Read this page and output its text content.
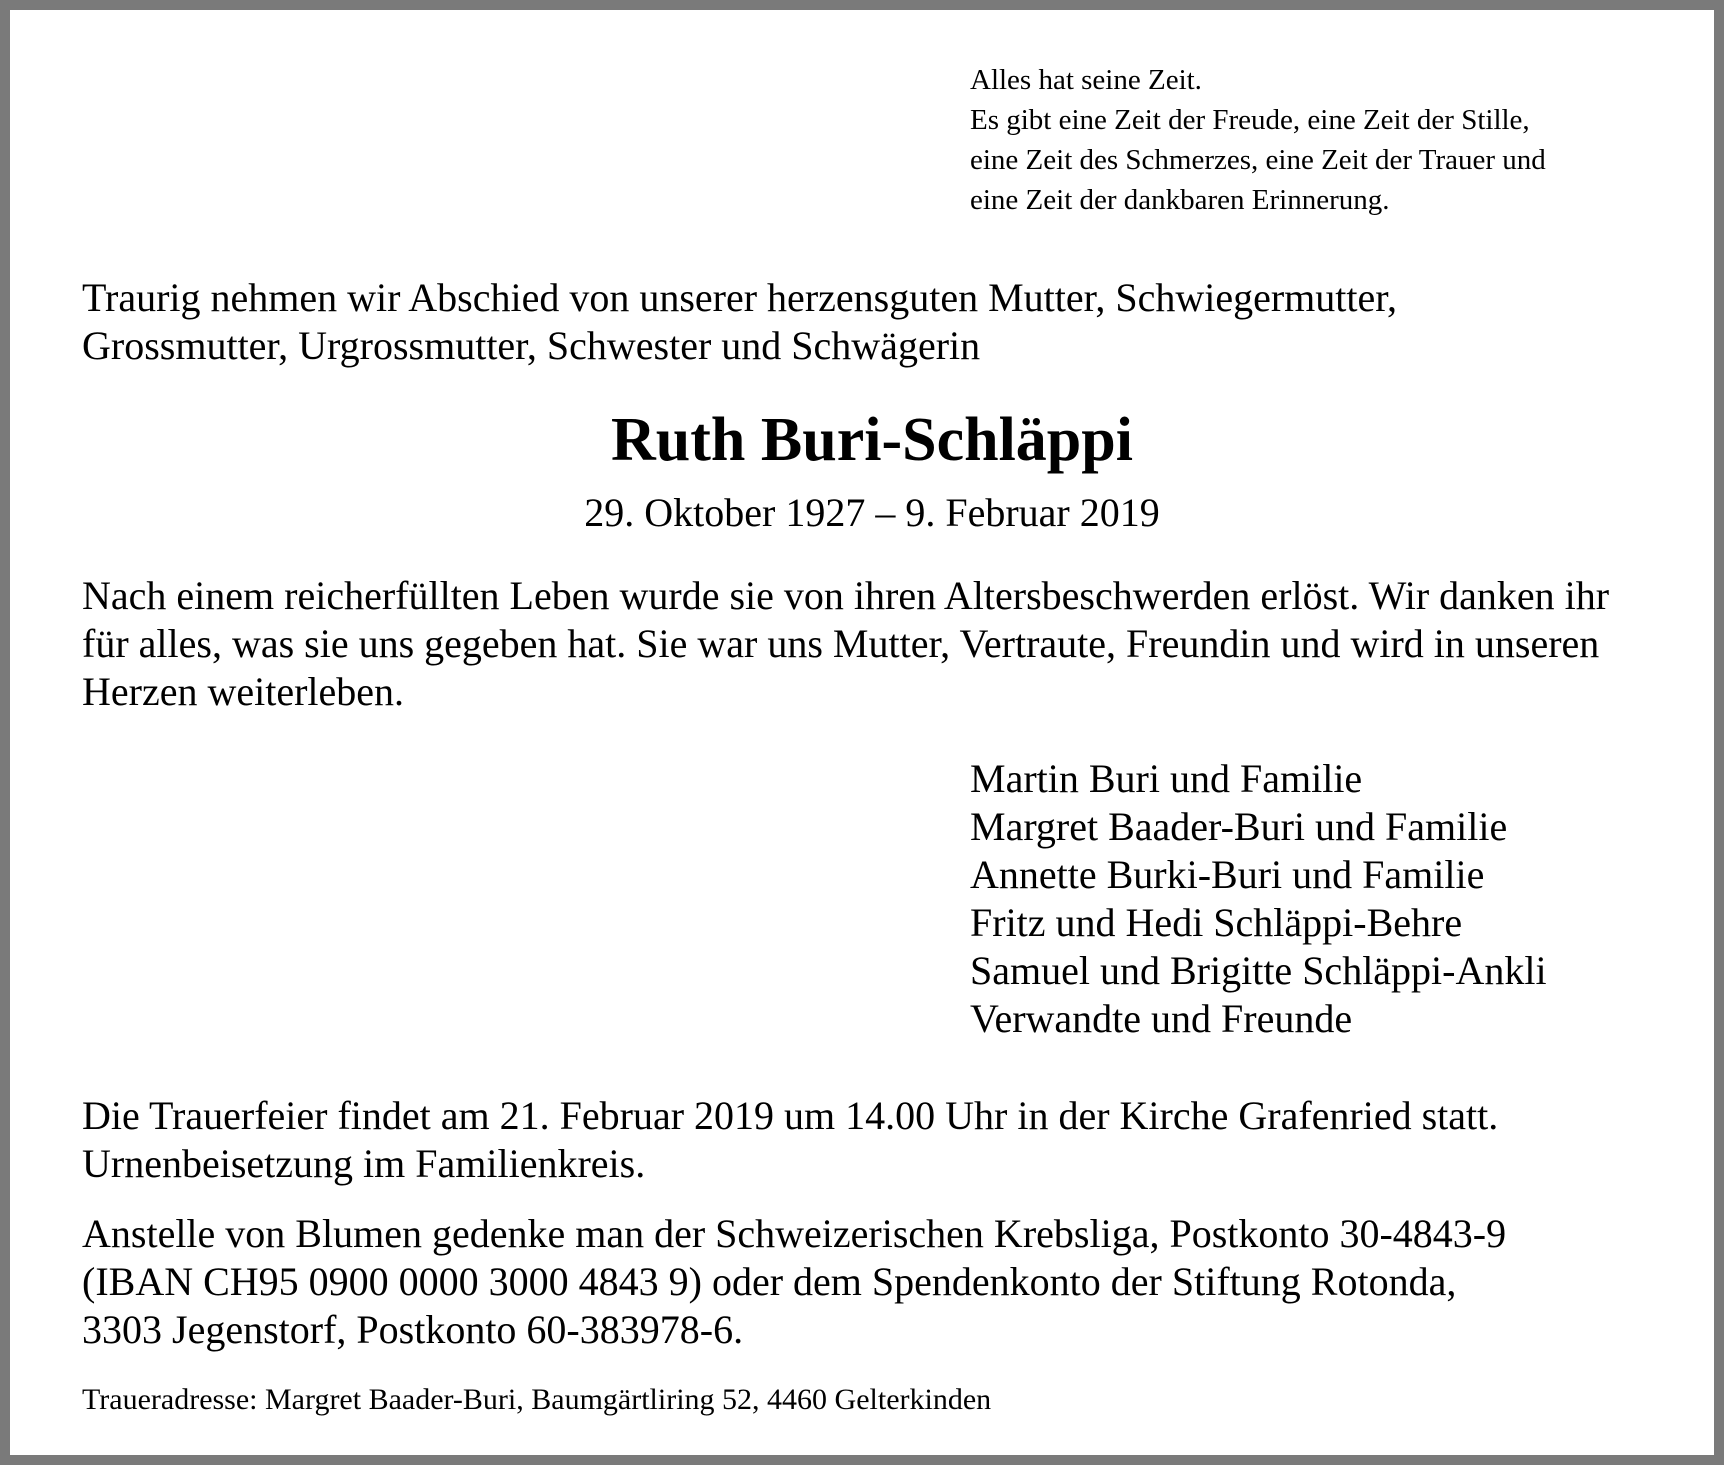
Alles hat seine Zeit.
Es gibt eine Zeit der Freude, eine Zeit der Stille,
eine Zeit des Schmerzes, eine Zeit der Trauer und
eine Zeit der dankbaren Erinnerung.
Traurig nehmen wir Abschied von unserer herzensguten Mutter, Schwiegermutter,
Grossmutter, Urgrossmutter, Schwester und Schwägerin
Ruth Buri-Schläppi
29. Oktober 1927 – 9. Februar 2019
Nach einem reicherfüllten Leben wurde sie von ihren Altersbeschwerden erlöst. Wir danken ihr
für alles, was sie uns gegeben hat. Sie war uns Mutter, Vertraute, Freundin und wird in unseren
Herzen weiterleben.
Martin Buri und Familie
Margret Baader-Buri und Familie
Annette Burki-Buri und Familie
Fritz und Hedi Schläppi-Behre
Samuel und Brigitte Schläppi-Ankli
Verwandte und Freunde
Die Trauerfeier findet am 21. Februar 2019 um 14.00 Uhr in der Kirche Grafenried statt.
Urnenbeisetzung im Familienkreis.
Anstelle von Blumen gedenke man der Schweizerischen Krebsliga, Postkonto 30-4843-9
(IBAN CH95 0900 0000 3000 4843 9) oder dem Spendenkonto der Stiftung Rotonda,
3303 Jegenstorf, Postkonto 60-383978-6.
Traueradresse: Margret Baader-Buri, Baumgärtliring 52, 4460 Gelterkinden
